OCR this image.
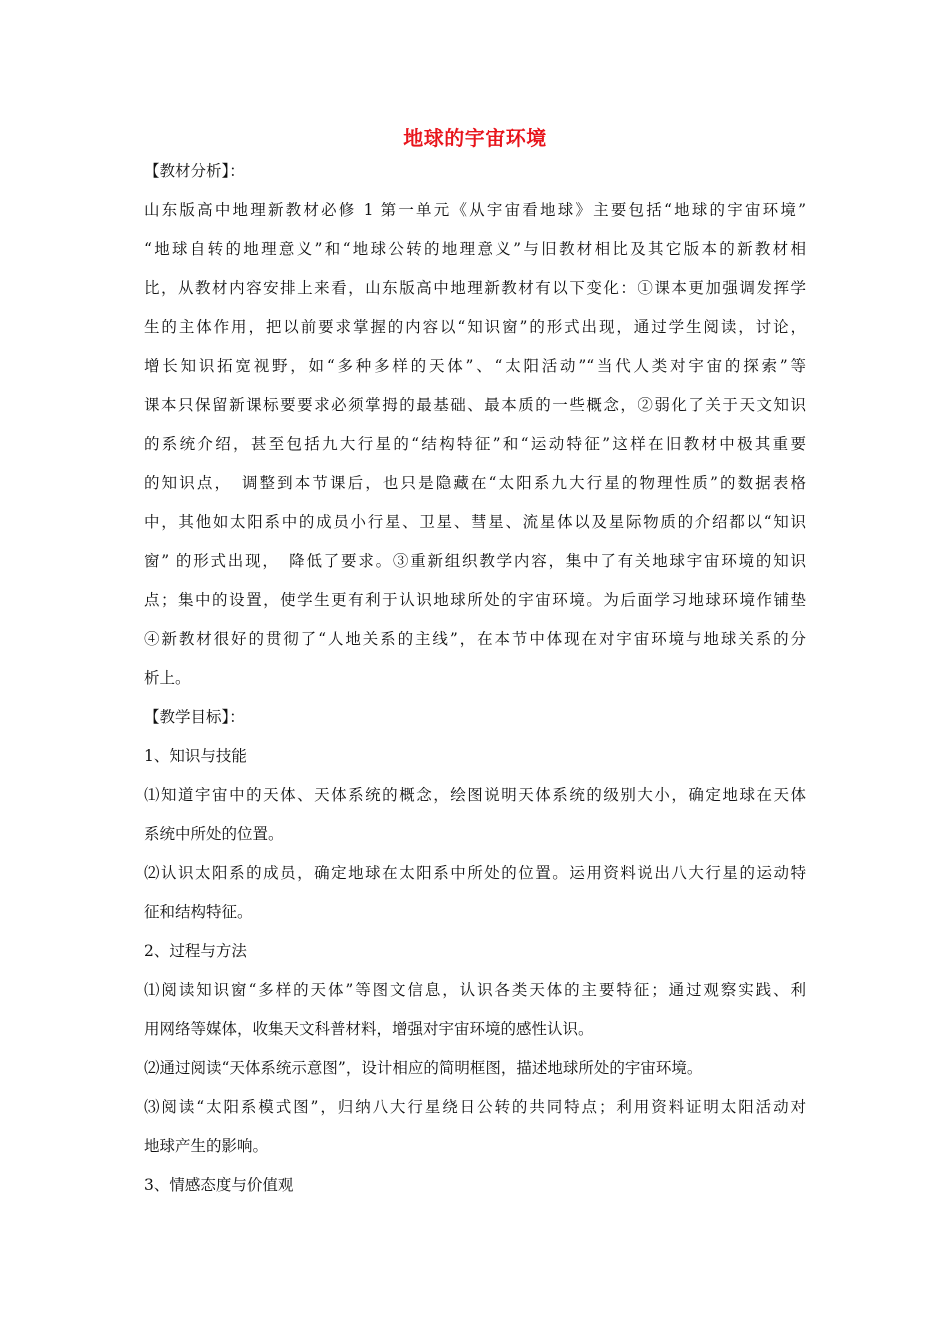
地球的宇宙环境
【教材分析】：
山东版高中地理新教材必修 1 第一单元《从宇宙看地球》主要包括“地球的宇宙环境”
“地球自转的地理意义”和“地球公转的地理意义”与旧教材相比及其它版本的新教材相
比，从教材内容安排上来看，山东版高中地理新教材有以下变化：①课本更加强调发挥学
生的主体作用，把以前要求掌握的内容以“知识窗”的形式出现，通过学生阅读，讨论，
增长知识拓宽视野，如“多种多样的天体”、“太阳活动”“当代人类对宇宙的探索”等
课本只保留新课标要要求必须掌拇的最基础、最本质的一些概念，②弱化了关于天文知识
的系统介绍，甚至包括九大行星的“结构特征”和“运动特征”这样在旧教材中极其重要
的知识点，　调整到本节课后，也只是隐藏在“太阳系九大行星的物理性质”的数据表格
中，其他如太阳系中的成员小行星、卫星、彗星、流星体以及星际物质的介绍都以“知识
窗” 的形式出现，　降低了要求。③重新组织教学内容，集中了有关地球宇宙环境的知识
点；集中的设置，使学生更有利于认识地球所处的宇宙环境。为后面学习地球环境作铺垫
④新教材很好的贯彻了“人地关系的主线”，在本节中体现在对宇宙环境与地球关系的分
析上。
【教学目标】：
1、知识与技能
⑴知道宇宙中的天体、天体系统的概念，绘图说明天体系统的级别大小，确定地球在天体
系统中所处的位置。
⑵认识太阳系的成员，确定地球在太阳系中所处的位置。运用资料说出八大行星的运动特
征和结构特征。
2、过程与方法
⑴阅读知识窗“多样的天体”等图文信息，认识各类天体的主要特征；通过观察实践、利
用网络等媒体，收集天文科普材料，增强对宇宙环境的感性认识。
⑵通过阅读“天体系统示意图”，设计相应的简明框图，描述地球所处的宇宙环境。
⑶阅读“太阳系模式图”，归纳八大行星绕日公转的共同特点；利用资料证明太阳活动对
地球产生的影响。
3、情感态度与价值观
